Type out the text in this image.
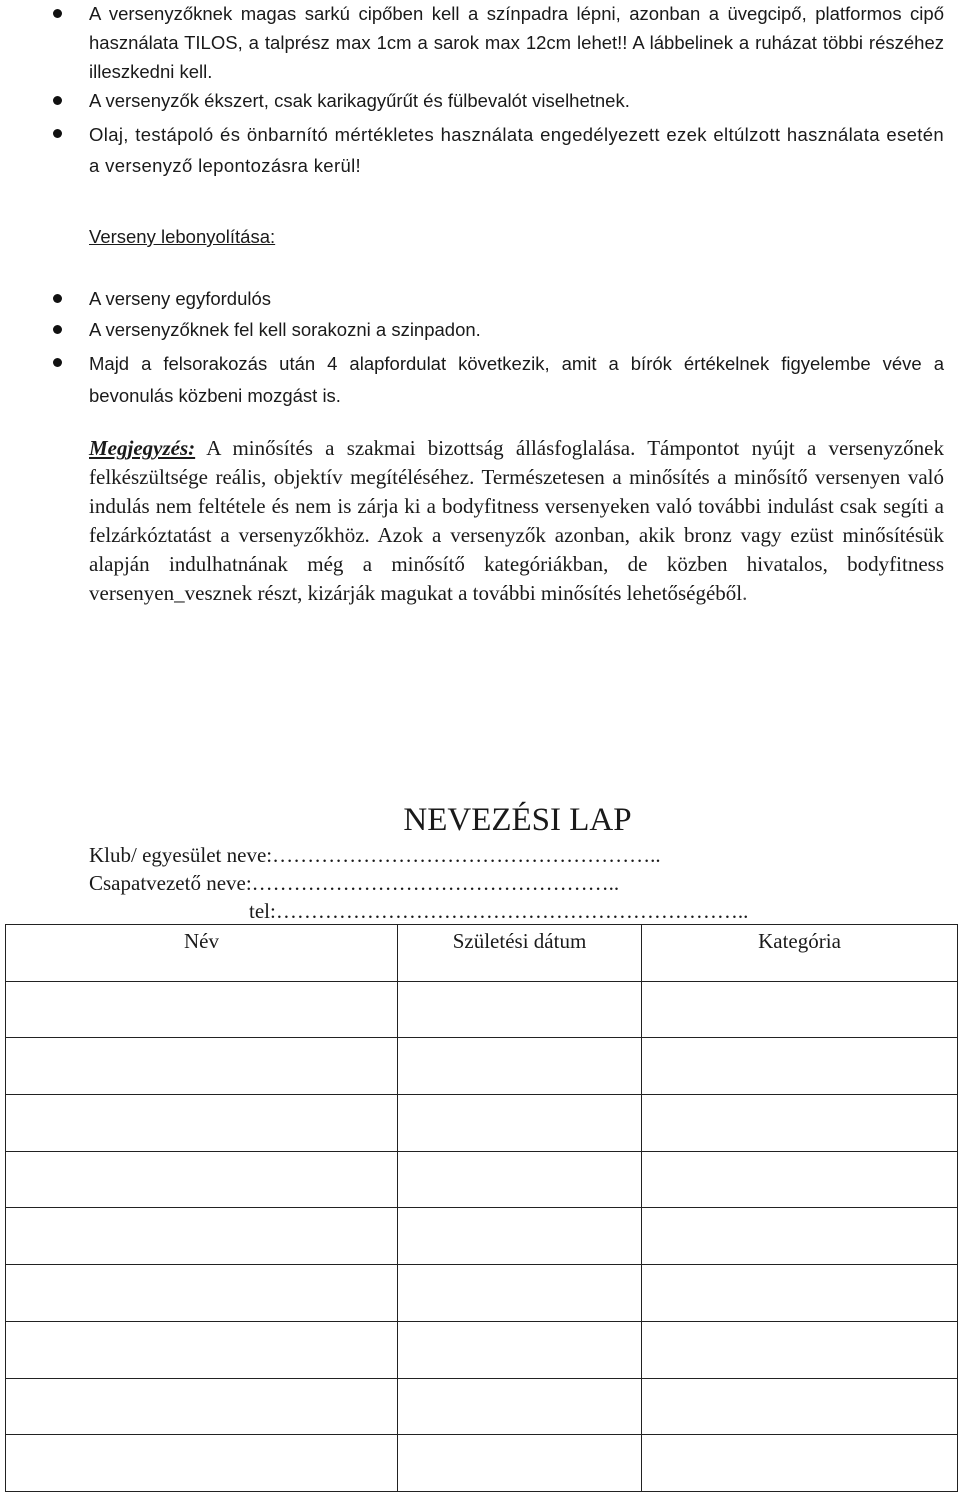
A versenyzőknek magas sarkú cipőben kell a színpadra lépni, azonban a üvegcipő, platformos cipő használata TILOS, a talprész max 1cm a sarok max 12cm lehet!! A lábbelinek a ruházat többi részéhez illeszkedni kell.
A versenyzők ékszert, csak karikagyűrűt és fülbevalót viselhetnek.
Olaj, testápoló és önbarnító mértékletes használata engedélyezett ezek eltúlzott használata esetén a versenyző lepontozásra kerül!
Verseny lebonyolítása:
A verseny egyfordulós
A versenyzőknek fel kell sorakozni a szinpadon.
Majd a felsorakozás után 4 alapfordulat következik, amit a bírók értékelnek figyelembe véve a bevonulás közbeni mozgást is.
Megjegyzés: A minősítés a szakmai bizottság állásfoglalása. Támpontot nyújt a versenyzőnek felkészültsége reális, objektív megítéléséhez. Természetesen a minősítés a minősítő versenyen való indulás nem feltétele és nem is zárja ki a bodyfitness versenyeken való további indulást csak segíti a felzárkóztatást a versenyzőkhöz. Azok a versenyzők azonban, akik bronz vagy ezüst minősítésük alapján indulhatnának még a minősítő kategóriákban, de közben hivatalos, bodyfitness versenyen_vesznek részt, kizárják magukat a további minősítés lehetőségéből.
NEVEZÉSI LAP
Klub/ egyesület neve:………………………………………………..
Csapatvezető neve:……………………………………………..
tel:…………………………………………………………..
Név	Születési dátum	Kategória
